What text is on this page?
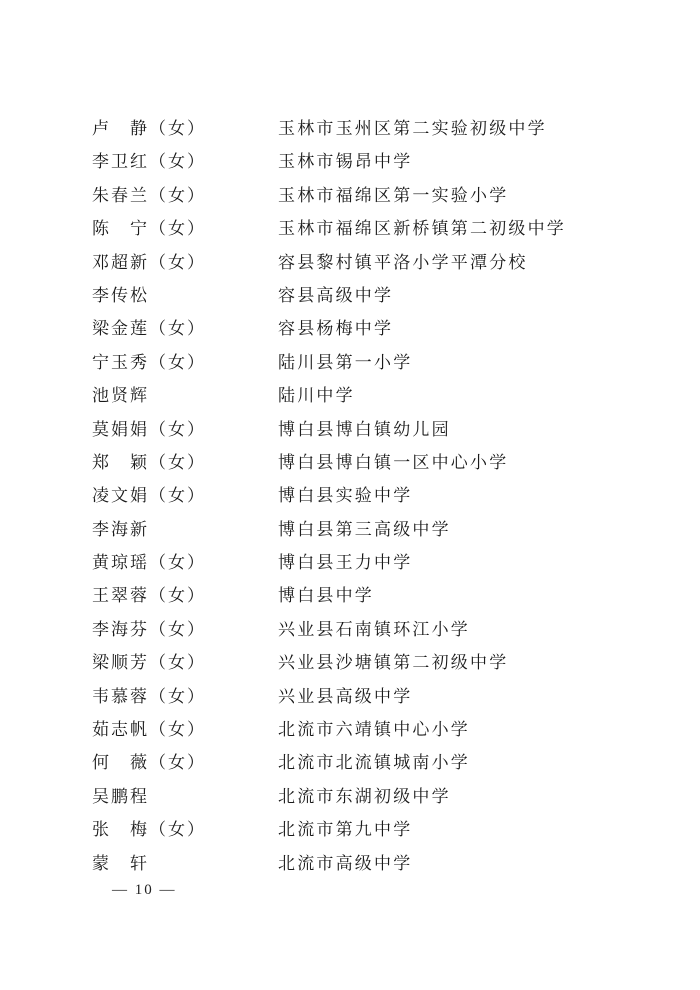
卢　静（女）	玉林市玉州区第二实验初级中学
李卫红（女）	玉林市锡昂中学
朱春兰（女）	玉林市福绵区第一实验小学
陈　宁（女）	玉林市福绵区新桥镇第二初级中学
邓超新（女）	容县黎村镇平洛小学平潭分校
李传松	容县高级中学
梁金莲（女）	容县杨梅中学
宁玉秀（女）	陆川县第一小学
池贤辉	陆川中学
莫娟娟（女）	博白县博白镇幼儿园
郑　颖（女）	博白县博白镇一区中心小学
凌文娟（女）	博白县实验中学
李海新	博白县第三高级中学
黄琼瑶（女）	博白县王力中学
王翠蓉（女）	博白县中学
李海芬（女）	兴业县石南镇环江小学
梁顺芳（女）	兴业县沙塘镇第二初级中学
韦慕蓉（女）	兴业县高级中学
茹志帆（女）	北流市六靖镇中心小学
何　薇（女）	北流市北流镇城南小学
吴鹏程	北流市东湖初级中学
张　梅（女）	北流市第九中学
蒙　轩	北流市高级中学
— 10 —
